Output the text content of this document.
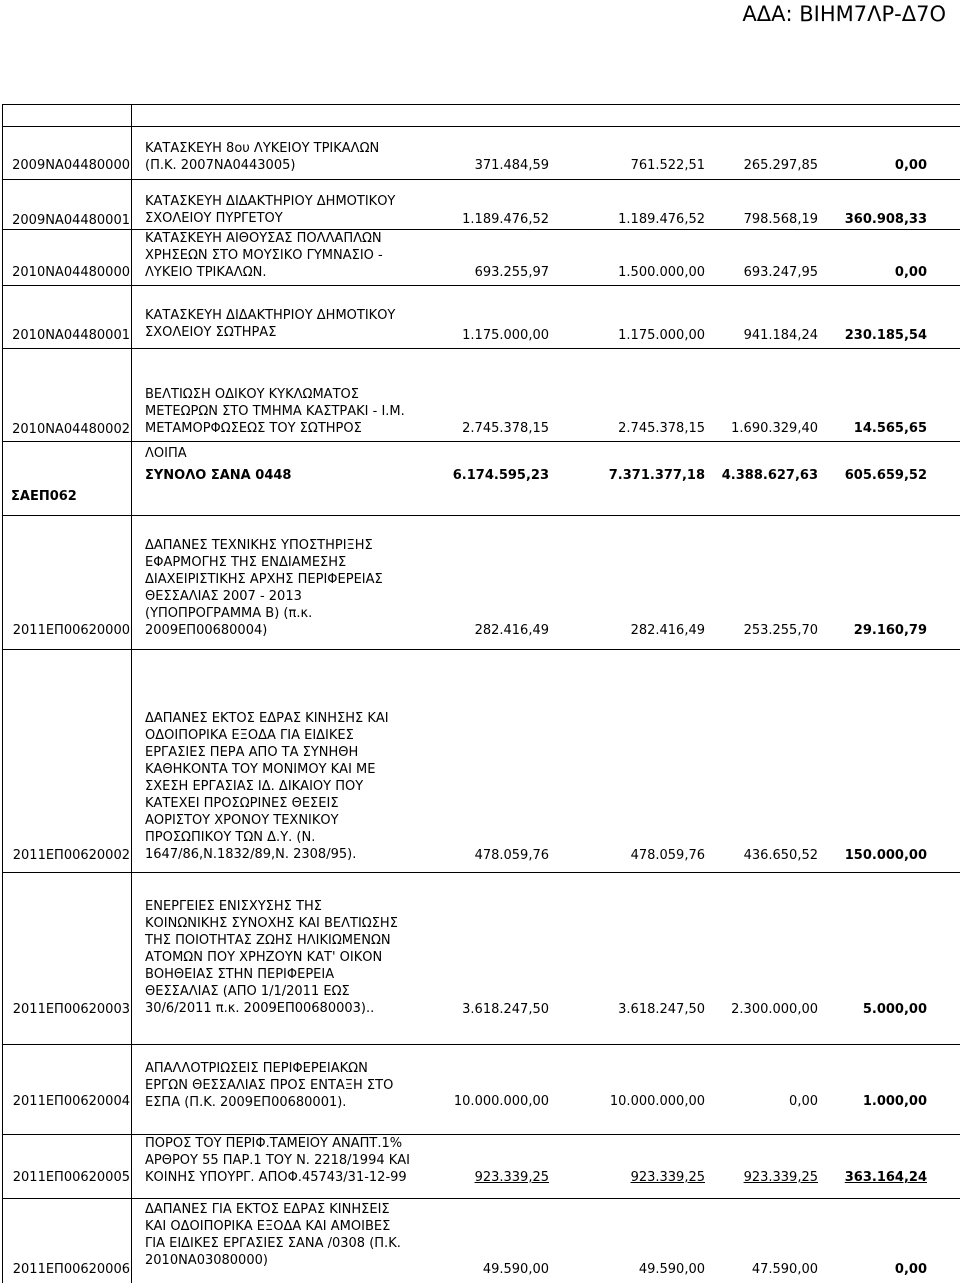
ΑΔΑ: ΒΙΗΜ7ΛΡ-Δ7Ο
2009ΝΑ04480000
ΚΑΤΑΣΚΕΥΗ 8ου ΛΥΚΕΙΟΥ ΤΡΙΚΑΛΩΝ
(Π.Κ. 2007ΝΑ0443005)	371.484,59	761.522,51	265.297,85	0,00
2009ΝΑ04480001
ΚΑΤΑΣΚΕΥΗ ΔΙΔΑΚΤΗΡΙΟΥ ΔΗΜΟΤΙΚΟΥ
ΣΧΟΛΕΙΟΥ ΠΥΡΓΕΤΟΥ	1.189.476,52	1.189.476,52	798.568,19	360.908,33
2010ΝΑ04480000
ΚΑΤΑΣΚΕΥΗ ΑΙΘΟΥΣΑΣ ΠΟΛΛΑΠΛΩΝ
ΧΡΗΣΕΩΝ ΣΤΟ ΜΟΥΣΙΚΟ ΓΥΜΝΑΣΙΟ -
ΛΥΚΕΙΟ ΤΡΙΚΑΛΩΝ.	693.255,97	1.500.000,00	693.247,95	0,00
2010ΝΑ04480001
ΚΑΤΑΣΚΕΥΗ ΔΙΔΑΚΤΗΡΙΟΥ ΔΗΜΟΤΙΚΟΥ
ΣΧΟΛΕΙΟΥ ΣΩΤΗΡΑΣ	1.175.000,00	1.175.000,00	941.184,24	230.185,54
2010ΝΑ04480002
ΒΕΛΤΙΩΣΗ ΟΔΙΚΟΥ ΚΥΚΛΩΜΑΤΟΣ
ΜΕΤΕΩΡΩΝ ΣΤΟ ΤΜΗΜΑ ΚΑΣΤΡΑΚΙ - Ι.Μ.
ΜΕΤΑΜΟΡΦΩΣΕΩΣ ΤΟΥ ΣΩΤΗΡΟΣ	2.745.378,15	2.745.378,15	1.690.329,40	14.565,65
ΛΟΙΠΑ
ΣΑΕΠ062
ΣΥΝΟΛΟ ΣΑΝΑ 0448	6.174.595,23	7.371.377,18	4.388.627,63	605.659,52
2011ΕΠ00620000
ΔΑΠΑΝΕΣ ΤΕΧΝΙΚΗΣ ΥΠΟΣΤΗΡΙΞΗΣ
ΕΦΑΡΜΟΓΗΣ ΤΗΣ ΕΝΔΙΑΜΕΣΗΣ
ΔΙΑΧΕΙΡΙΣΤΙΚΗΣ ΑΡΧΗΣ ΠΕΡΙΦΕΡΕΙΑΣ
ΘΕΣΣΑΛΙΑΣ 2007 - 2013
(ΥΠΟΠΡΟΓΡΑΜΜΑ Β) (π.κ.
2009ΕΠ00680004)	282.416,49	282.416,49	253.255,70	29.160,79
2011ΕΠ00620002
ΔΑΠΑΝΕΣ ΕΚΤΟΣ ΕΔΡΑΣ ΚΙΝΗΣΗΣ ΚΑΙ
ΟΔΟΙΠΟΡΙΚΑ ΕΞΟΔΑ ΓΙΑ ΕΙΔΙΚΕΣ
ΕΡΓΑΣΙΕΣ ΠΕΡΑ ΑΠΟ ΤΑ ΣΥΝΗΘΗ
ΚΑΘΗΚΟΝΤΑ ΤΟΥ ΜΟΝΙΜΟΥ ΚΑΙ ΜΕ
ΣΧΕΣΗ ΕΡΓΑΣΙΑΣ ΙΔ. ΔΙΚΑΙΟΥ ΠΟΥ
ΚΑΤΕΧΕΙ ΠΡΟΣΩΡΙΝΕΣ ΘΕΣΕΙΣ
ΑΟΡΙΣΤΟΥ ΧΡΟΝΟΥ ΤΕΧΝΙΚΟΥ
ΠΡΟΣΩΠΙΚΟΥ ΤΩΝ Δ.Υ. (Ν.
1647/86,Ν.1832/89,Ν. 2308/95).	478.059,76	478.059,76	436.650,52	150.000,00
2011ΕΠ00620003
ΕΝΕΡΓΕΙΕΣ ΕΝΙΣΧΥΣΗΣ ΤΗΣ
ΚΟΙΝΩΝΙΚΗΣ ΣΥΝΟΧΗΣ ΚΑΙ ΒΕΛΤΙΩΣΗΣ
ΤΗΣ ΠΟΙΟΤΗΤΑΣ ΖΩΗΣ ΗΛΙΚΙΩΜΕΝΩΝ
ΑΤΟΜΩΝ ΠΟΥ ΧΡΗΖΟΥΝ ΚΑΤ' ΟΙΚΟΝ
ΒΟΗΘΕΙΑΣ ΣΤΗΝ ΠΕΡΙΦΕΡΕΙΑ
ΘΕΣΣΑΛΙΑΣ (ΑΠΟ 1/1/2011 ΕΩΣ
30/6/2011 π.κ. 2009ΕΠ00680003)..	3.618.247,50	3.618.247,50	2.300.000,00	5.000,00
2011ΕΠ00620004
ΑΠΑΛΛΟΤΡΙΩΣΕΙΣ ΠΕΡΙΦΕΡΕΙΑΚΩΝ
ΕΡΓΩΝ ΘΕΣΣΑΛΙΑΣ ΠΡΟΣ ΕΝΤΑΞΗ ΣΤΟ
ΕΣΠΑ (Π.Κ. 2009ΕΠ00680001).	10.000.000,00	10.000.000,00	0,00	1.000,00
2011ΕΠ00620005
ΠΟΡΟΣ ΤΟΥ ΠΕΡΙΦ.ΤΑΜΕΙΟΥ ΑΝΑΠΤ.1%
ΑΡΘΡΟΥ 55 ΠΑΡ.1 ΤΟΥ Ν. 2218/1994 ΚΑΙ
ΚΟΙΝΗΣ ΥΠΟΥΡΓ. ΑΠΟΦ.45743/31-12-99	923.339,25	923.339,25	923.339,25	363.164,24
2011ΕΠ00620006
ΔΑΠΑΝΕΣ ΓΙΑ ΕΚΤΟΣ ΕΔΡΑΣ ΚΙΝΗΣΕΙΣ
ΚΑΙ ΟΔΟΙΠΟΡΙΚΑ ΕΞΟΔΑ ΚΑΙ ΑΜΟΙΒΕΣ
ΓΙΑ ΕΙΔΙΚΕΣ ΕΡΓΑΣΙΕΣ ΣΑΝΑ /0308 (Π.Κ.
2010ΝΑ03080000)
49.590,00	49.590,00	47.590,00	0,00
